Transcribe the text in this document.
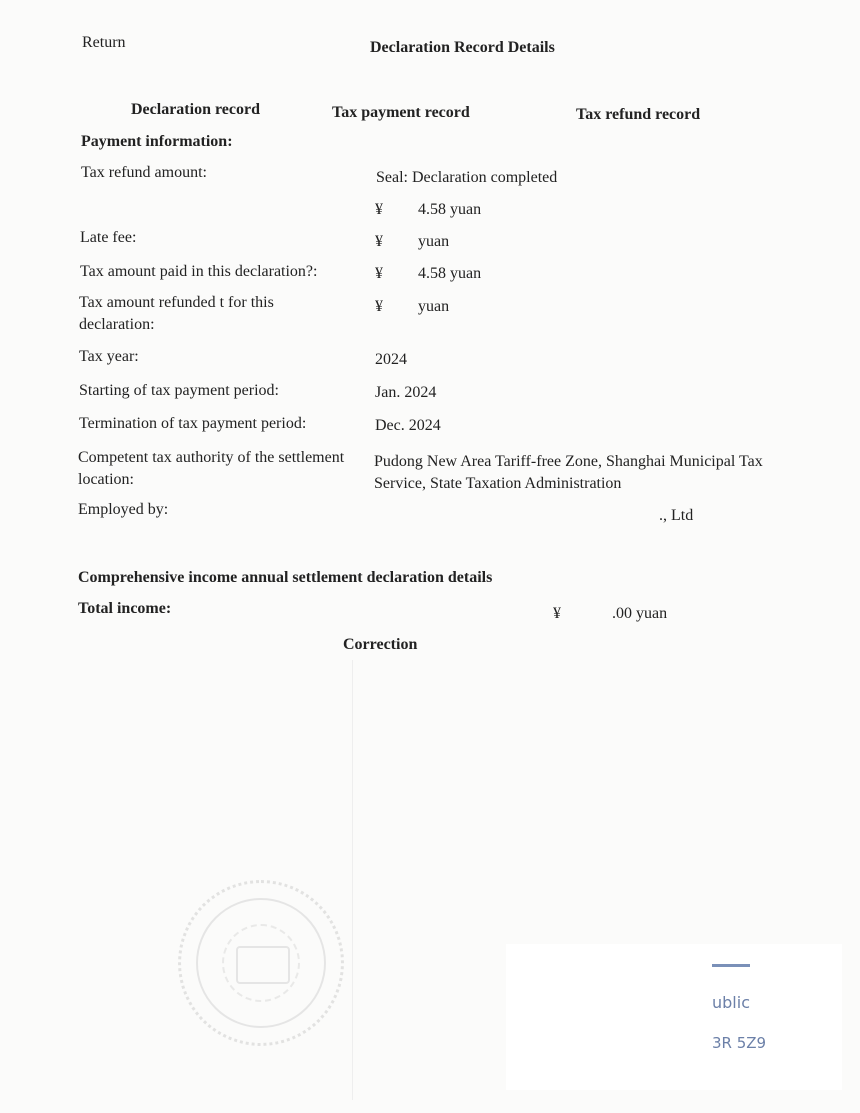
Return	Declaration Record Details
Declaration record	Tax payment record	Tax refund record
Payment information:
Tax refund amount:	Seal: Declaration completed
¥ 4.58 yuan
Late fee:	¥ yuan
Tax amount paid in this declaration?:	¥ 4.58 yuan
Tax amount refunded t for this declaration:
¥ yuan
Tax year:	2024
Starting of tax payment period:	Jan. 2024
Termination of tax payment period:	Dec. 2024
Competent tax authority of the settlement location:
Pudong New Area Tariff-free Zone, Shanghai Municipal Tax Service, State Taxation Administration
Employed by:	., Ltd
Comprehensive income annual settlement declaration details
Total income:	¥	.00 yuan
Correction
ublic
3R 5Z9
